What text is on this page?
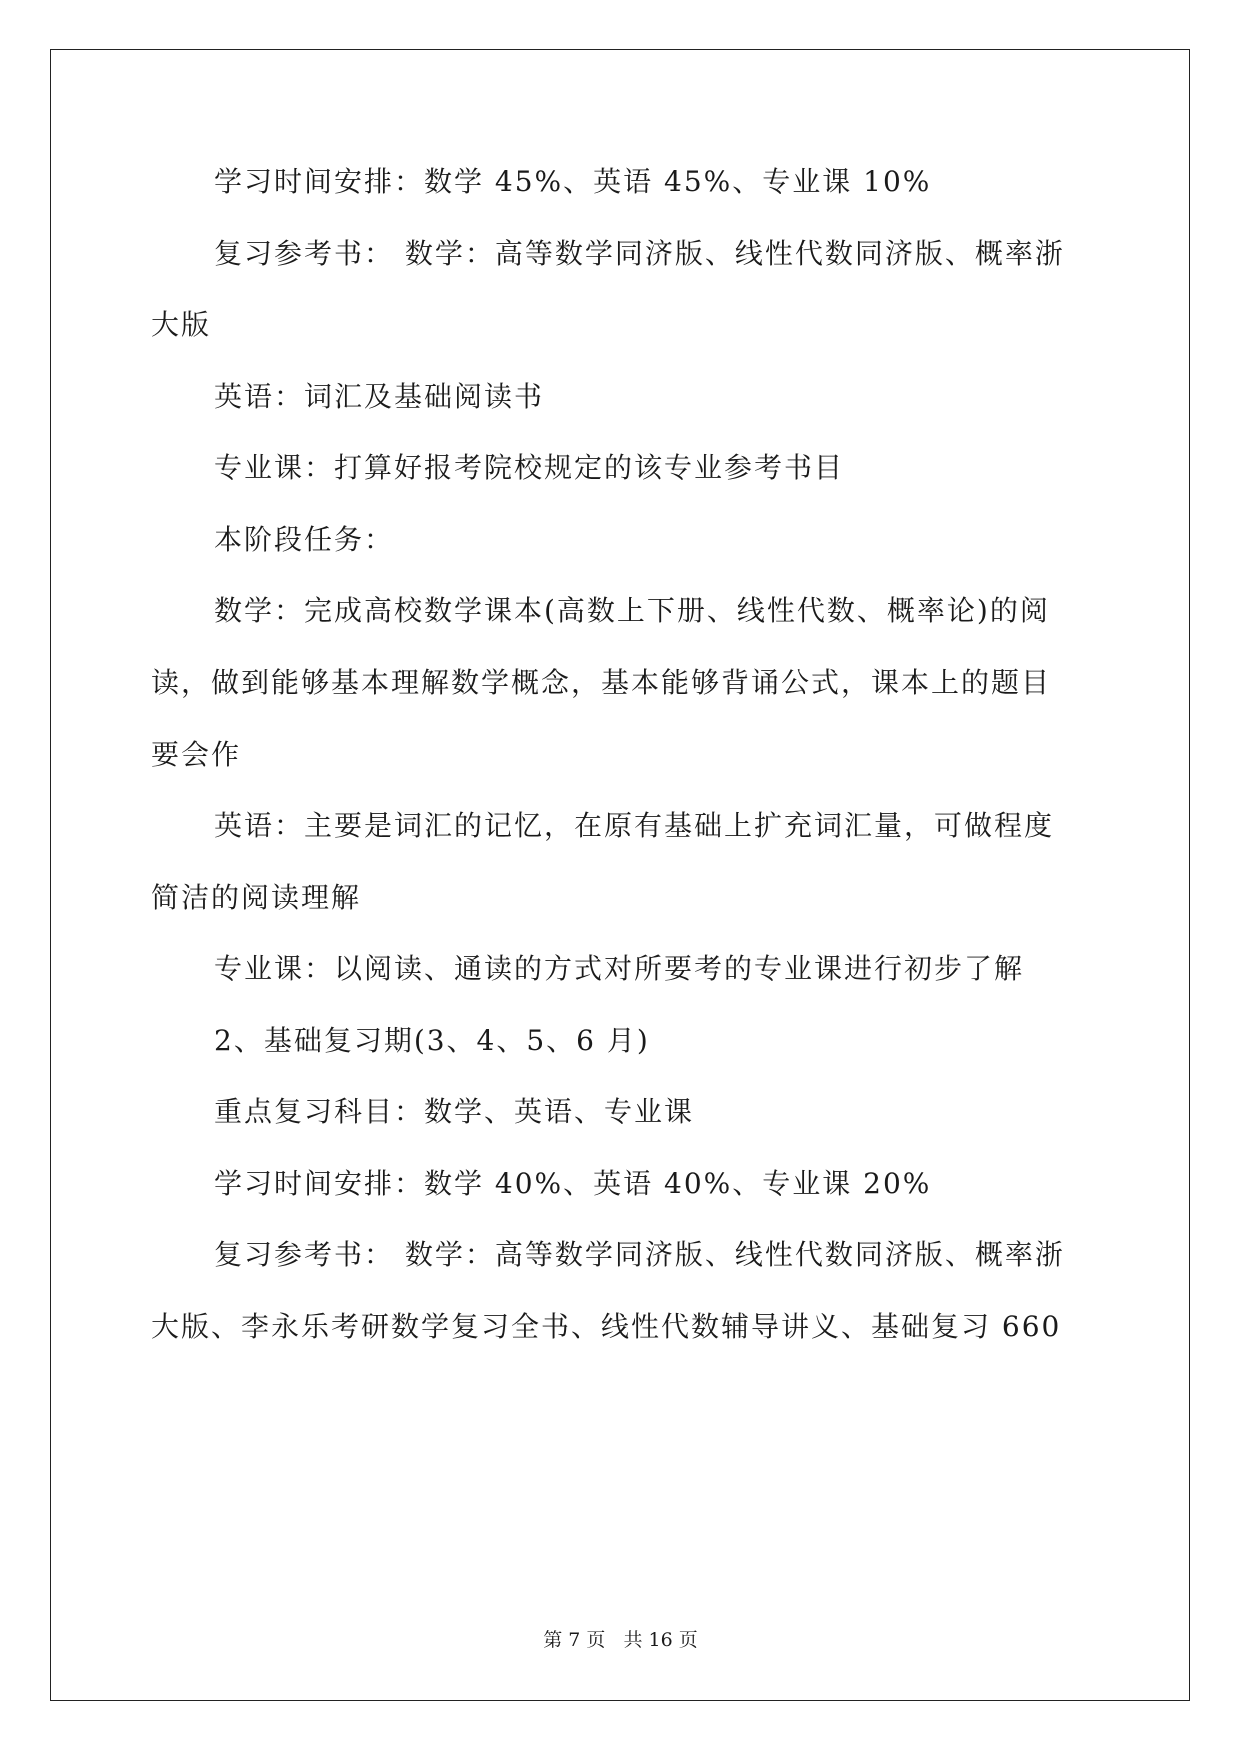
学习时间安排：数学 45%、英语 45%、专业课 10%
复习参考书： 数学：高等数学同济版、线性代数同济版、概率浙
大版
英语：词汇及基础阅读书
专业课：打算好报考院校规定的该专业参考书目
本阶段任务：
数学：完成高校数学课本(高数上下册、线性代数、概率论)的阅
读，做到能够基本理解数学概念，基本能够背诵公式，课本上的题目
要会作
英语：主要是词汇的记忆，在原有基础上扩充词汇量，可做程度
简洁的阅读理解
专业课：以阅读、通读的方式对所要考的专业课进行初步了解
2、基础复习期(3、4、5、6 月)
重点复习科目：数学、英语、专业课
学习时间安排：数学 40%、英语 40%、专业课 20%
复习参考书： 数学：高等数学同济版、线性代数同济版、概率浙
大版、李永乐考研数学复习全书、线性代数辅导讲义、基础复习 660
第 7 页   共 16 页
